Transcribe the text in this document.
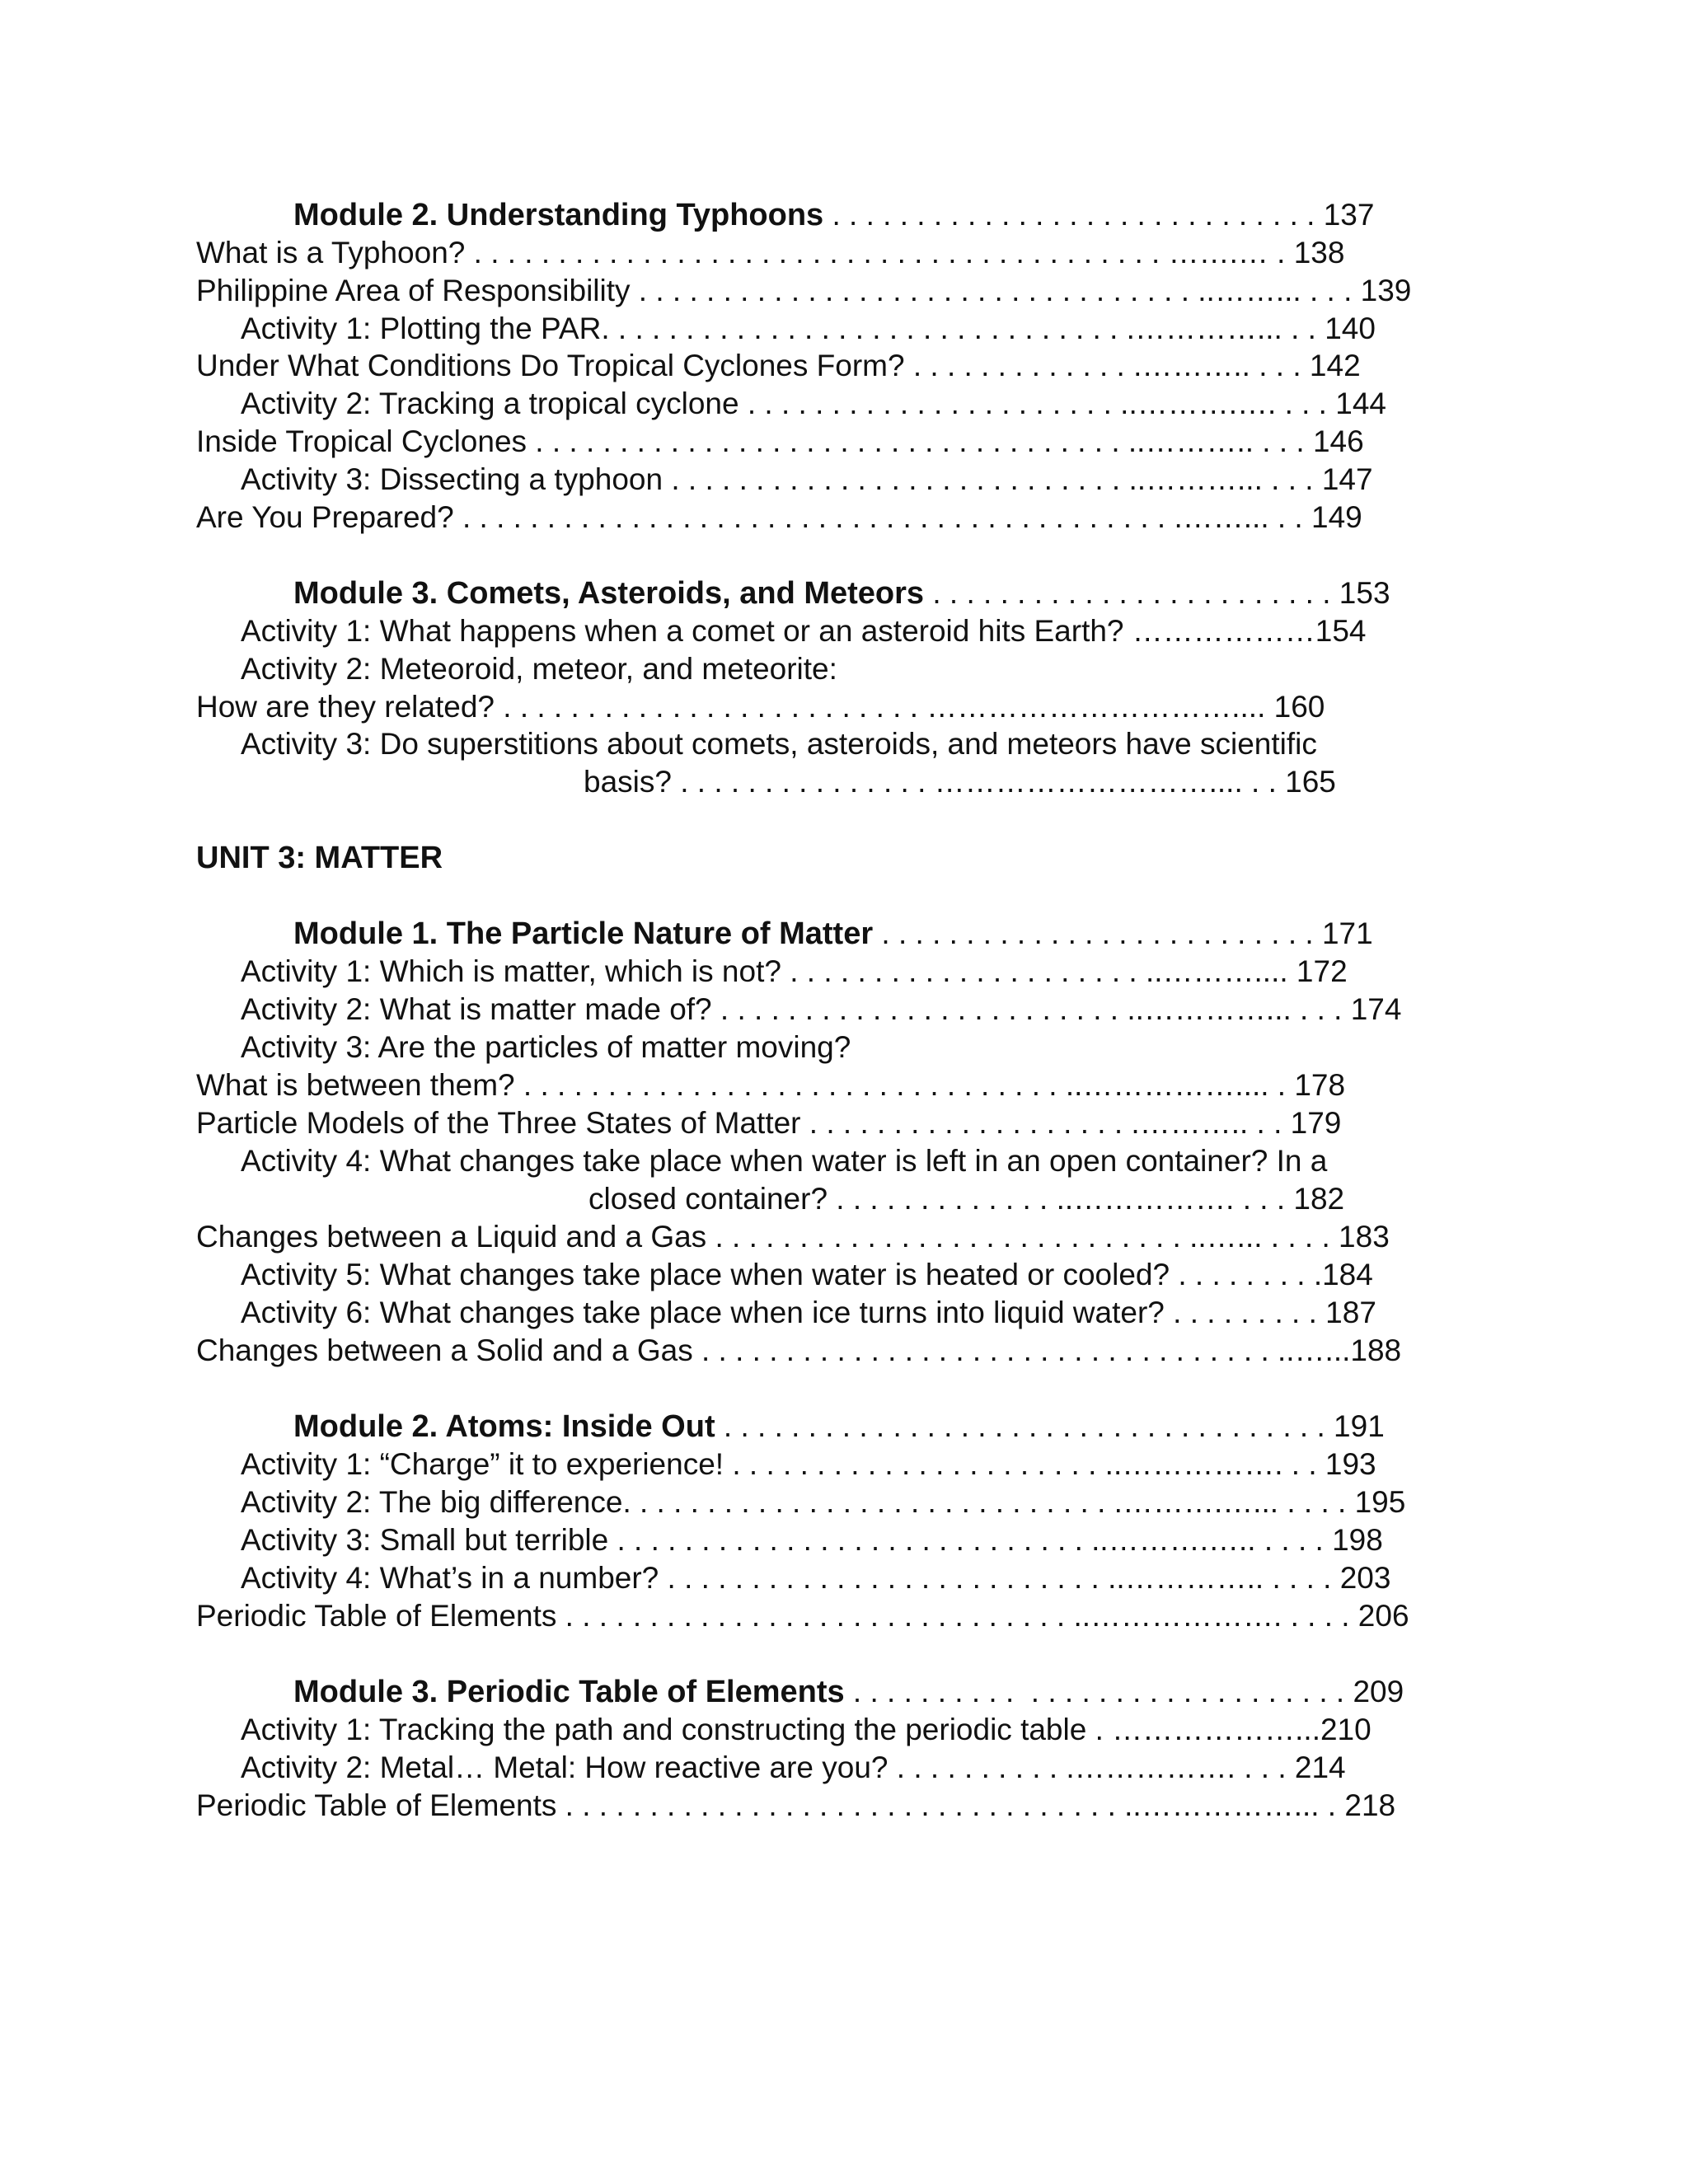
Module 2. Understanding Typhoons . . . . . . . . . . . . . . . . . . . . . . . . . . . . . 137
What is a Typhoon? . . . . . . . . . . . . . . . . . . . . . . . . . . . . . . . . . . . . . . . . . …….… . 138
Philippine Area of Responsibility . . . . . . . . . . . . . . . . . . . . . . . . . . . . . . . . . ..……... . . . 139
Activity 1: Plotting the PAR. . . . . . . . . . . . . . . . . . . . . . . . . . . . . . . .…………... . . 140
Under What Conditions Do Tropical Cyclones Form? . . . . . . . . . . . . . .……….. . . . 142
Activity 2: Tracking a tropical cyclone . . . . . . . . . . . . . . . . . . . . . . ..……….…. . . . 144
Inside Tropical Cyclones . . . . . . . . . . . . . . . . . . . . . . . . . . . . . . . . . . . ..……….. . . . 146
Activity 3: Dissecting a typhoon . . . . . . . . . . . . . . . . . . . . . . . . . . . ..………... . . . 147
Are You Prepared? . . . . . . . . . . . . . . . . . . . . . . . . . . . . . . . . . . . . . . . . . . .……... . . 149
Module 3. Comets, Asteroids, and Meteors . . . . . . . . . . . . . . . . . . . . . . . . 153
Activity 1: What happens when a comet or an asteroid hits Earth? ………………154
Activity 2: Meteoroid, meteor, and meteorite:
How are they related? . . . . . . . . . . . . . . . . . . . . . . . . . ………………………….... 160
Activity 3: Do superstitions about comets, asteroids, and meteors have scientific
basis? . . . . . . . . . . . . . . . ……………………….... . . 165
UNIT 3: MATTER
Module 1. The Particle Nature of Matter . . . . . . . . . . . . . . . . . . . . . . . . . . 171
Activity 1: Which is matter, which is not? . . . . . . . . . . . . . . . . . . . . . ..……….... 172
Activity 2: What is matter made of? . . . . . . . . . . . . . . . . . . . . . . . . ..…………... . . . 174
Activity 3: Are the particles of matter moving?
What is between them? . . . . . . . . . . . . . . . . . . . . . . . . . . . . . . . . ..…………….... . 178
Particle Models of the Three States of Matter . . . . . . . . . . . . . . . . . . . .……….. . . 179
Activity 4: What changes take place when water is left in an open container? In a
closed container? . . . . . . . . . . . . . ..……………. . . . 182
Changes between a Liquid and a Gas . . . . . . . . . . . . . . . . . . . . . . . . . . . . ..…... . . . . 183
Activity 5: What changes take place when water is heated or cooled? . . . . . . . . .184
Activity 6: What changes take place when ice turns into liquid water? . . . . . . . . . 187
Changes between a Solid and a Gas . . . . . . . . . . . . . . . . . . . . . . . . . . . . . . . . . . ..…...188
Module 2. Atoms: Inside Out . . . . . . . . . . . . . . . . . . . . . . . . . . . . . . . . . . . . 191
Activity 1: “Charge” it to experience! . . . . . . . . . . . . . . . . . . . . . . ..……………. . . 193
Activity 2: The big difference. . . . . . . . . . . . . . . . . . . . . . . . . . . . . .……….…... . . . . 195
Activity 3: Small but terrible . . . . . . . . . . . . . . . . . . . . . . . . . . . . ..……….….. . . . . 198
Activity 4: What’s in a number? . . . . . . . . . . . . . . . . . . . . . . . . . . ..………….. . . . . 203
Periodic Table of Elements . . . . . . . . . . . . . . . . . . . . . . . . . . . . . . ..………………. . . . . 206
Module 3. Periodic Table of Elements . . . . . . . . . .  . . . . . . . . . . . . . . . . . . . 209
Activity 1: Tracking the path and constructing the periodic table . ………………...210
Activity 2: Metal… Metal: How reactive are you? . . . . . . . . . . .……………. . . . 214
Periodic Table of Elements . . . . . . . . . . . . . . . . . . . . . . . . . . . . . . . . . ..……………... . 218
